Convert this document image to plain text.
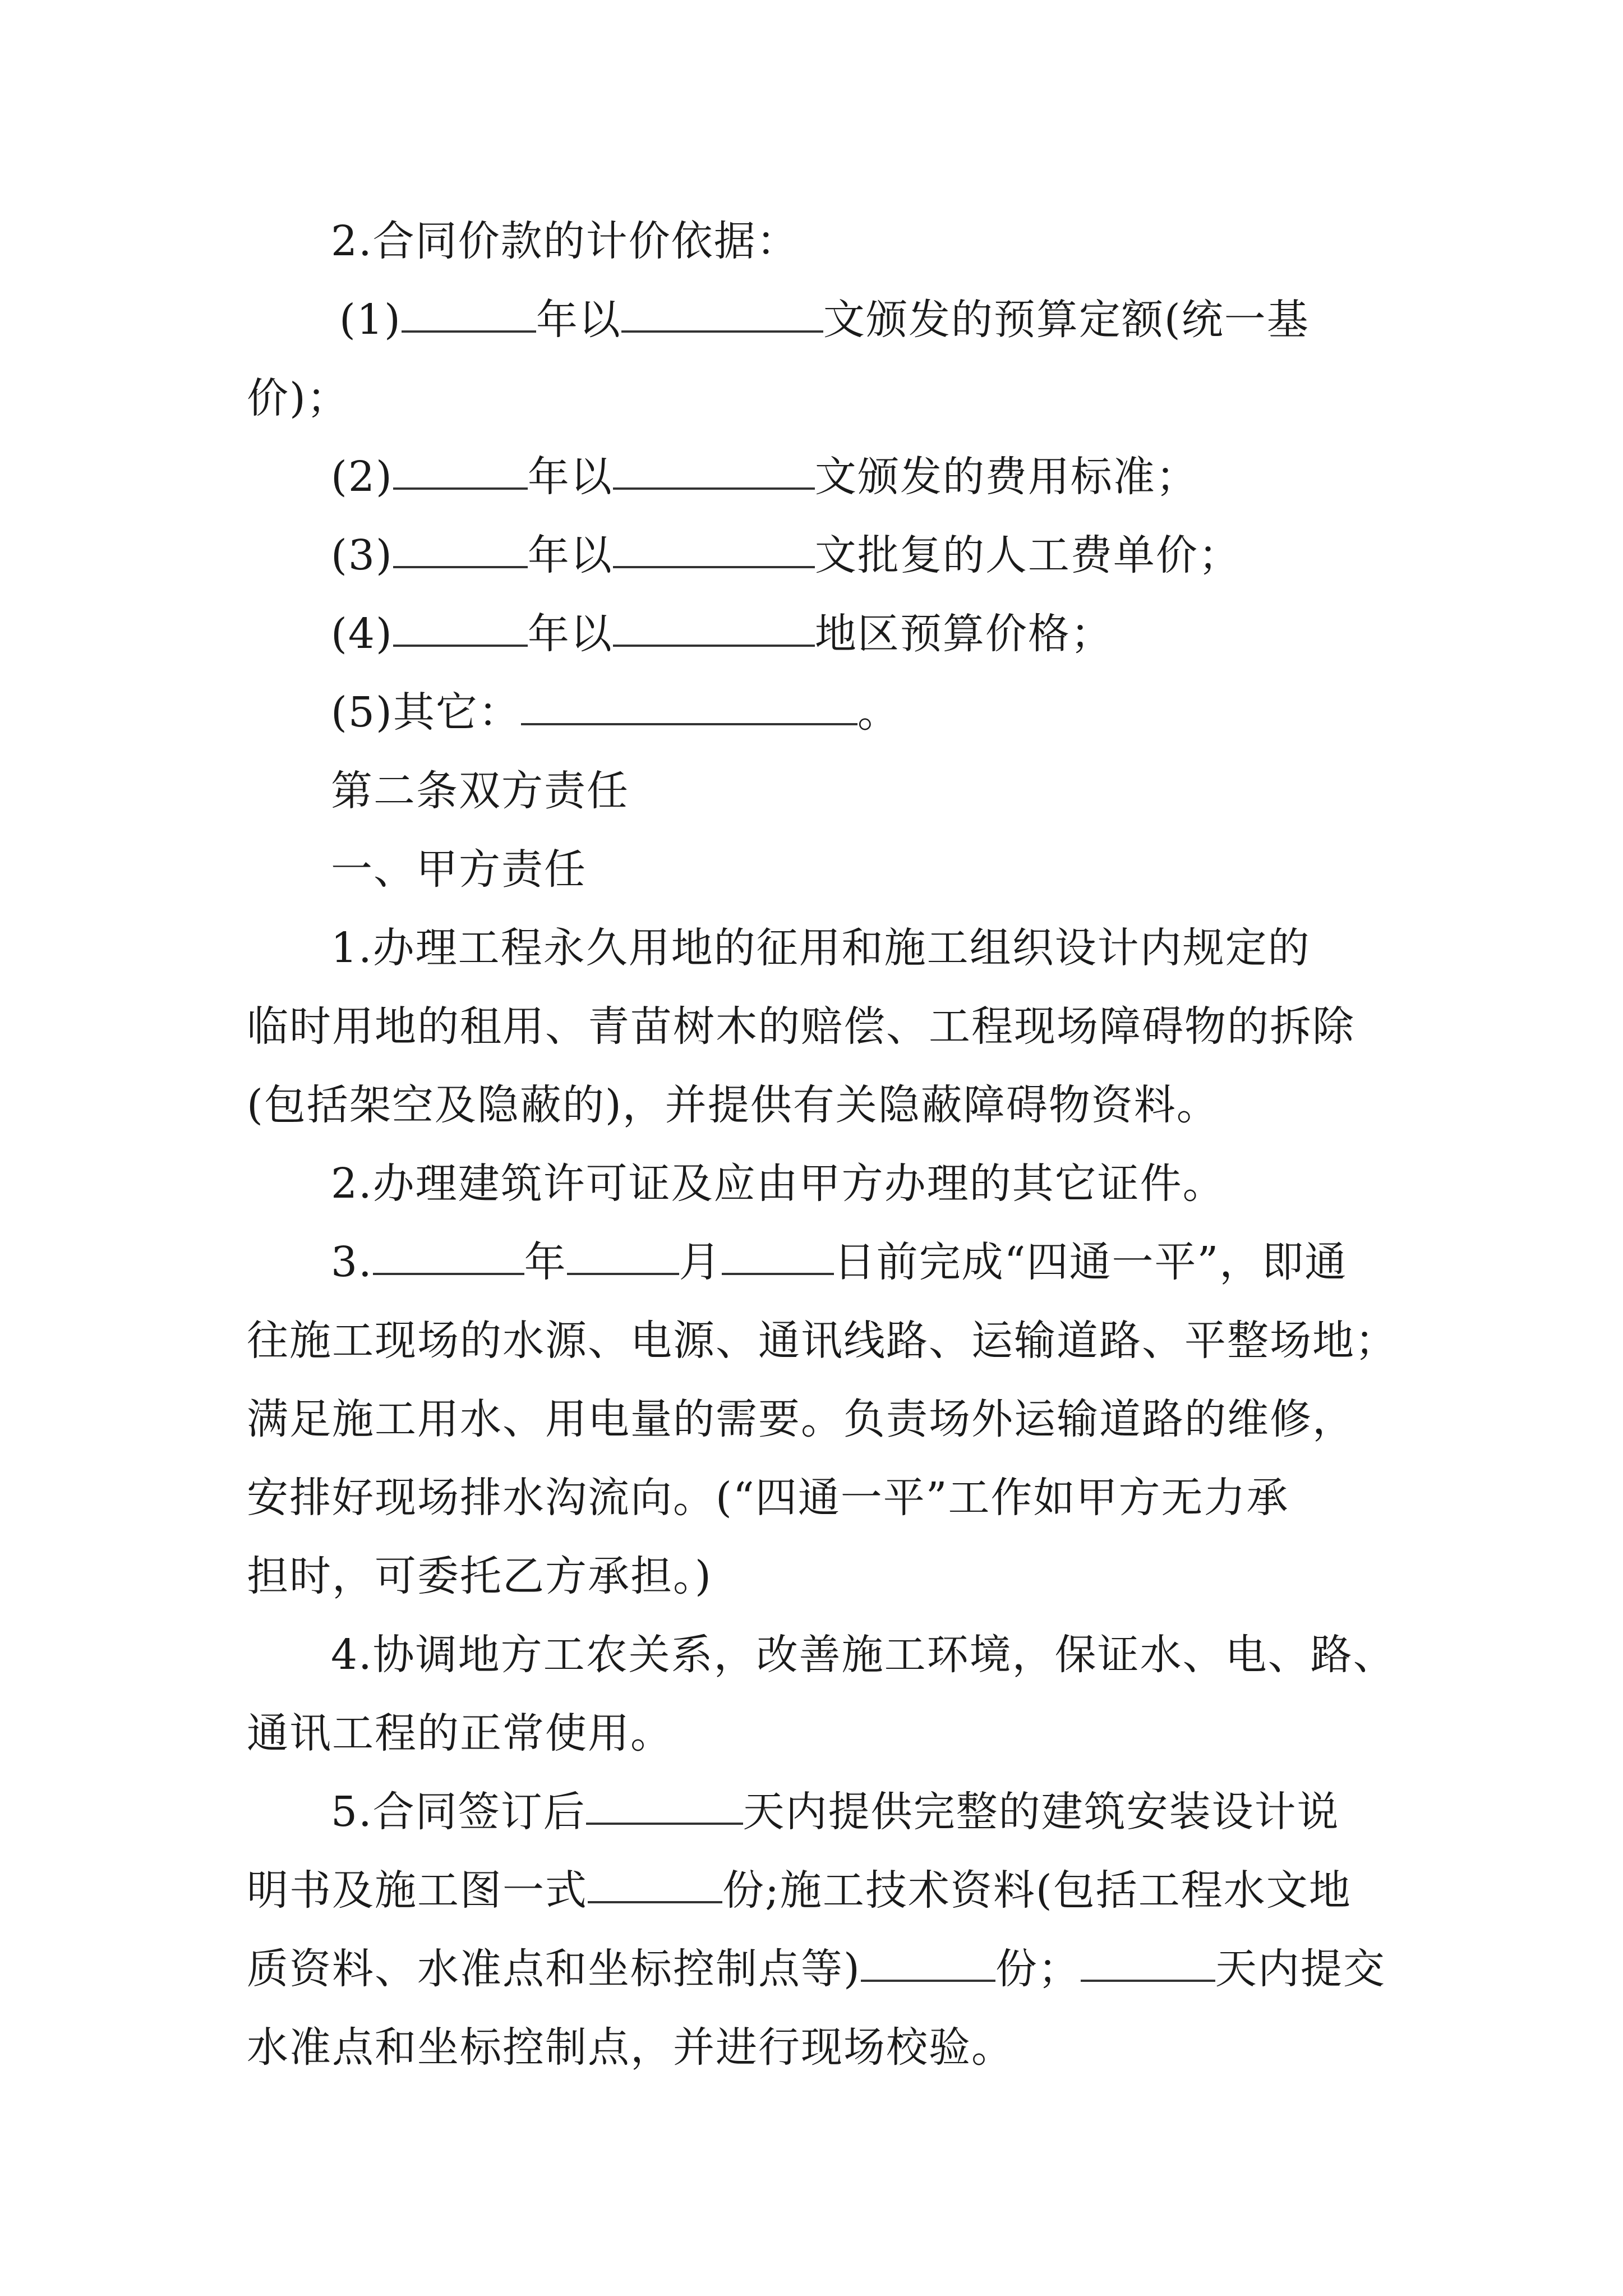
2.合同价款的计价依据：
(1)	年以	文颁发的预算定额(统一基
价)；
(2)	年以	文颁发的费用标准；
(3)	年以	文批复的人工费单价；
(4)	年以	地区预算价格；
(5)其它：	。
第二条双方责任
一、甲方责任
1.办理工程永久用地的征用和施工组织设计内规定的
临时用地的租用、青苗树木的赔偿、工程现场障碍物的拆除
(包括架空及隐蔽的)，并提供有关隐蔽障碍物资料。
2.办理建筑许可证及应由甲方办理的其它证件。
3.	年	月	日前完成“四通一平”，即通
往施工现场的水源、电源、通讯线路、运输道路、平整场地；
满足施工用水、用电量的需要。负责场外运输道路的维修，
安排好现场排水沟流向。(“四通一平”工作如甲方无力承
担时，可委托乙方承担。)
4.协调地方工农关系，改善施工环境，保证水、电、路、
通讯工程的正常使用。
5.合同签订后	天内提供完整的建筑安装设计说
明书及施工图一式	份;施工技术资料(包括工程水文地
质资料、水准点和坐标控制点等)	份；	天内提交
水准点和坐标控制点，并进行现场校验。
